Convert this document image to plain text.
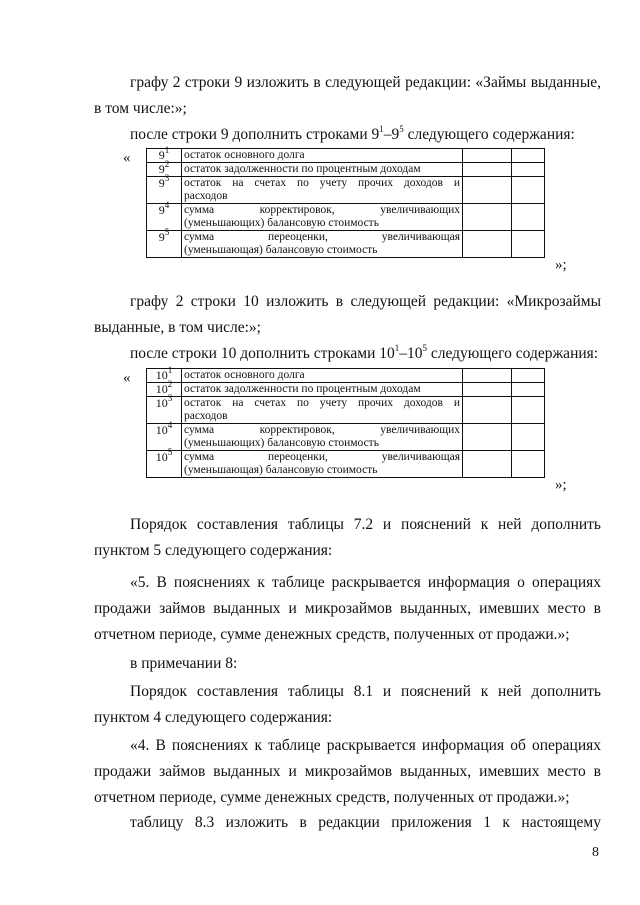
графу 2 строки 9 изложить в следующей редакции: «Займы выданные,
в том числе:»;
после строки 9 дополнить строками $9^1-9^5$ следующего содержания:
« $9^1$	остаток основного долга		
$9^2$	остаток задолженности по процентным доходам		
$9^3$	остаток на счетах по учету прочих доходов и
расходов		
$9^4$	сумма корректировок, увеличивающих
(уменьшающих) балансовую стоимость		
$9^5$	сумма переоценки, увеличивающая
(уменьшающая) балансовую стоимость		
»;
графу 2 строки 10 изложить в следующей редакции: «Микрозаймы
выданные, в том числе:»;
после строки 10 дополнить строками $10^1-10^5$ следующего содержания:
« $10^1$	остаток основного долга		
$10^2$	остаток задолженности по процентным доходам		
$10^3$	остаток на счетах по учету прочих доходов и
расходов		
$10^4$	сумма корректировок, увеличивающих
(уменьшающих) балансовую стоимость		
$10^5$	сумма переоценки, увеличивающая
(уменьшающая) балансовую стоимость		
»;
Порядок составления таблицы 7.2 и пояснений к ней дополнить пунктом 5 следующего содержания:
«5. В пояснениях к таблице раскрывается информация о операциях продажи займов выданных и микрозаймов выданных, имевших место в отчетном периоде, сумме денежных средств, полученных от продажи.»;
в примечании 8:
Порядок составления таблицы 8.1 и пояснений к ней дополнить пунктом 4 следующего содержания:
«4. В пояснениях к таблице раскрывается информация об операциях продажи займов выданных и микрозаймов выданных, имевших место в отчетном периоде, сумме денежных средств, полученных от продажи.»;
таблицу 8.3 изложить в редакции приложения 1 к настоящему
8
